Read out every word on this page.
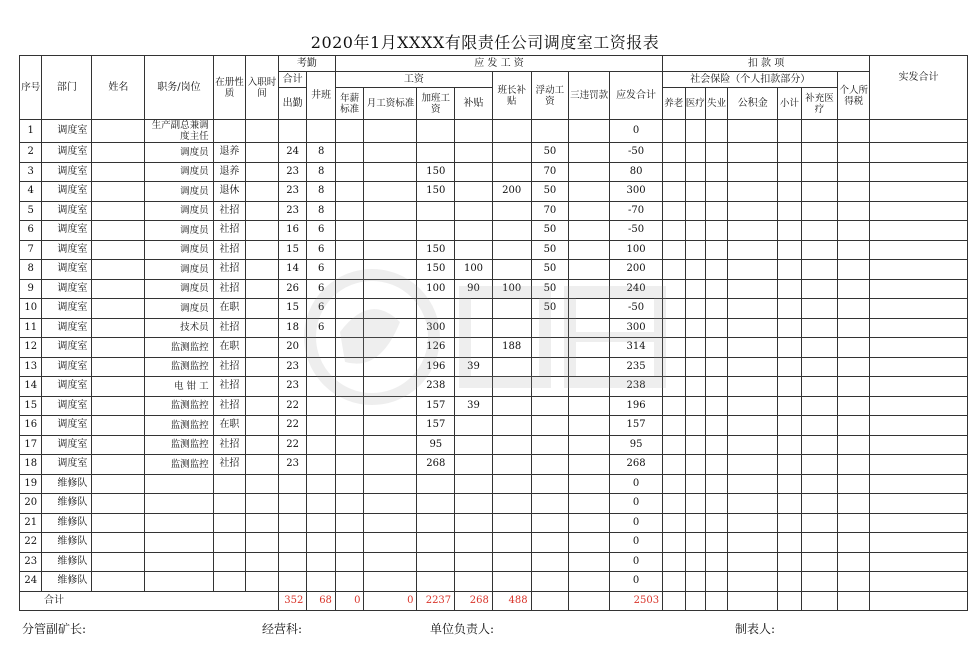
2020年1月XXXX有限责任公司调度室工资报表
序号	部门	姓名	职务/岗位	在册性质	入职时间	考勤		应 发 工 资								扣 款 项							实发合计
						合计	井班	工资				班长补贴	浮动工资	三违罚款	应发合计	社会保险（个人扣款部分）						个人所得税	
						出勤		年薪标准	月工资标准	加班工资	补贴					养老	医疗	失业	公积金	小计	补充医疗		
1	调度室		生产副总兼调度主任												0								
2	调度室		调度员	退养		24	8						50		-50								
3	调度室		调度员	退养		23	8			150			70		80								
4	调度室		调度员	退休		23	8			150		200	50		300								
5	调度室		调度员	社招		23	8						70		-70								
6	调度室		调度员	社招		16	6						50		-50								
7	调度室		调度员	社招		15	6			150			50		100								
8	调度室		调度员	社招		14	6			150	100		50		200								
9	调度室		调度员	社招		26	6			100	90	100	50		240								
10	调度室		调度员	在职		15	6						50		-50								
11	调度室		技术员	社招		18	6			300					300								
12	调度室		监测监控	在职		20				126		188			314								
13	调度室		监测监控	社招		23				196	39				235								
14	调度室		电 钳 工	社招		23				238					238								
15	调度室		监测监控	社招		22				157	39				196								
16	调度室		监测监控	在职		22				157					157								
17	调度室		监测监控	社招		22				95					95								
18	调度室		监测监控	社招		23				268					268								
19	维修队														0								
20	维修队														0								
21	维修队														0								
22	维修队														0								
23	维修队														0								
24	维修队														0								
合计						352	68	0	0	2237	268	488			2503								
分管副矿长:	经营科:	单位负责人:	制表人:
